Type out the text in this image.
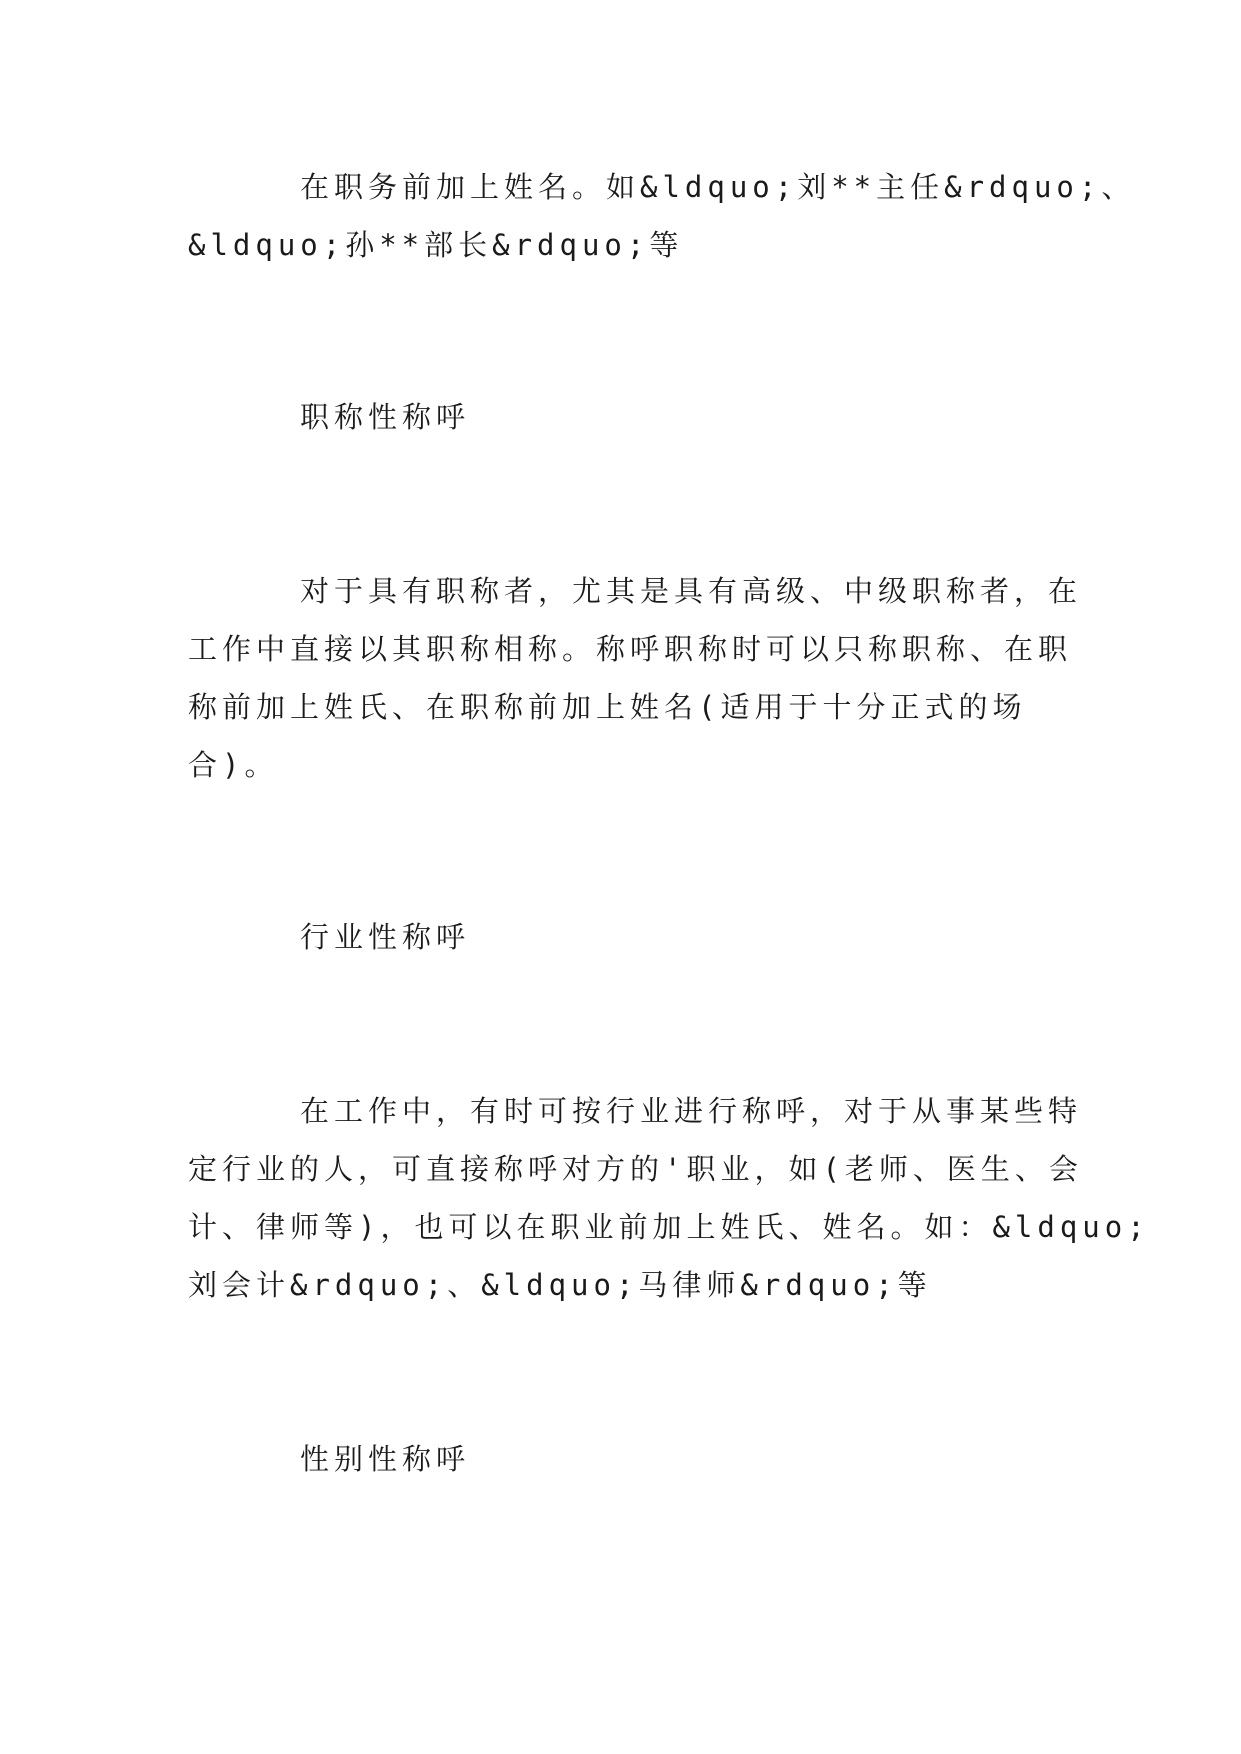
在职务前加上姓名。如&ldquo;刘**主任&rdquo;、
&ldquo;孙**部长&rdquo;等
职称性称呼
对于具有职称者，尤其是具有高级、中级职称者，在
工作中直接以其职称相称。称呼职称时可以只称职称、在职
称前加上姓氏、在职称前加上姓名(适用于十分正式的场
合)。
行业性称呼
在工作中，有时可按行业进行称呼，对于从事某些特
定行业的人，可直接称呼对方的'职业，如(老师、医生、会
计、律师等)，也可以在职业前加上姓氏、姓名。如：&ldquo;
刘会计&rdquo;、&ldquo;马律师&rdquo;等
性别性称呼
